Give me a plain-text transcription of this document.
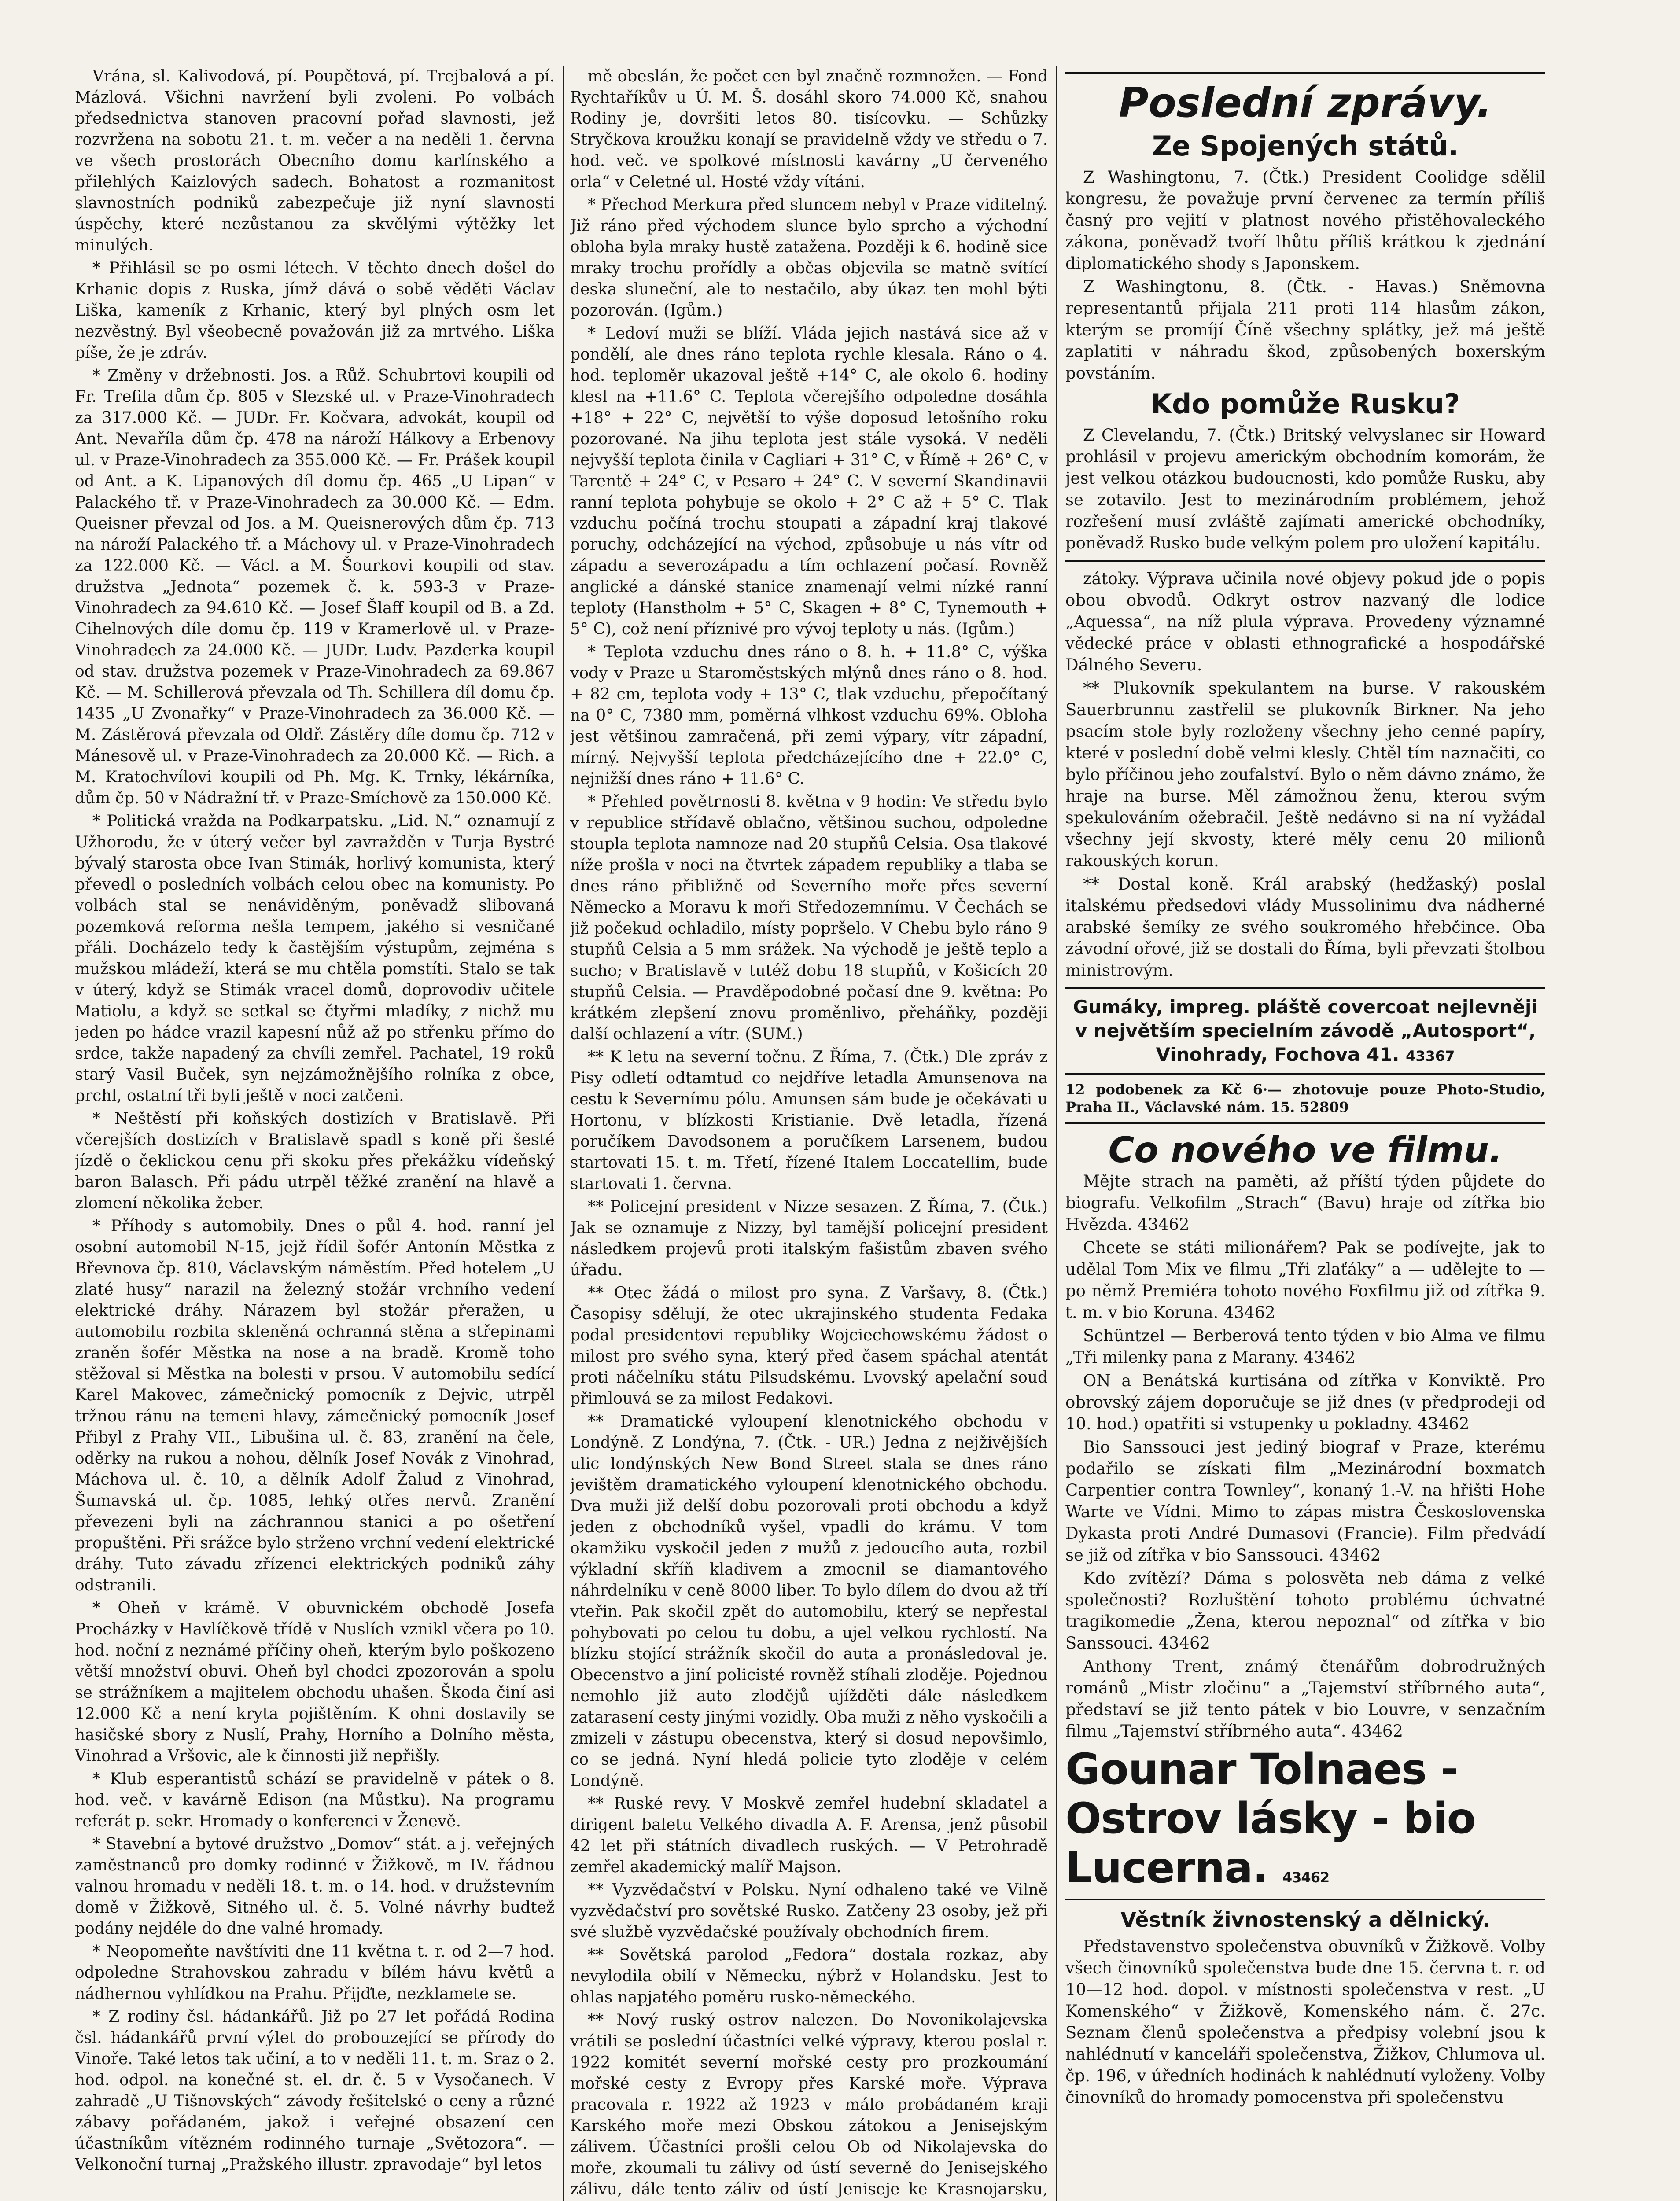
Vrána, sl. Kalivodová, pí. Poupětová, pí. Trejbalová a pí. Mázlová. Všichni navržení byli zvoleni. Po volbách předsednictva stanoven pracovní pořad slavnosti, jež rozvržena na sobotu 21. t. m. večer a na neděli 1. června ve všech prostorách Obecního domu karlínského a přilehlých Kaizlových sadech. Bohatost a rozmanitost slavnostních podniků zabezpečuje již nyní slavnosti úspěchy, které nezůstanou za skvělými výtěžky let minulých.

* Přihlásil se po osmi létech. V těchto dnech došel do Krhanic dopis z Ruska, jímž dává o sobě věděti Václav Liška, kameník z Krhanic, který byl plných osm let nezvěstný. Byl všeobecně považován již za mrtvého. Liška píše, že je zdráv.

* Změny v držebnosti. Jos. a Růž. Schubrtovi koupili od Fr. Trefila dům čp. 805 v Slezské ul. v Praze-Vinohradech za 317.000 Kč. — JUDr. Fr. Kočvara, advokát, koupil od Ant. Nevaříla dům čp. 478 na nároží Hálkovy a Erbenovy ul. v Praze-Vinohradech za 355.000 Kč. — Fr. Prášek koupil od Ant. a K. Lipanových díl domu čp. 465 „U Lipan“ v Palackého tř. v Praze-Vinohradech za 30.000 Kč. — Edm. Queisner převzal od Jos. a M. Queisnerových dům čp. 713 na nároží Palackého tř. a Máchovy ul. v Praze-Vinohradech za 122.000 Kč. — Václ. a M. Šourkovi koupili od stav. družstva „Jednota“ pozemek č. k. 593-3 v Praze-Vinohradech za 94.610 Kč. — Josef Šlaff koupil od B. a Zd. Cihelnových díle domu čp. 119 v Kramerlově ul. v Praze-Vinohradech za 24.000 Kč. — JUDr. Ludv. Pazderka koupil od stav. družstva pozemek v Praze-Vinohradech za 69.867 Kč. — M. Schillerová převzala od Th. Schillera díl domu čp. 1435 „U Zvonařky“ v Praze-Vinohradech za 36.000 Kč. — M. Zástěrová převzala od Oldř. Zástěry díle domu čp. 712 v Mánesově ul. v Praze-Vinohradech za 20.000 Kč. — Rich. a M. Kratochvílovi koupili od Ph. Mg. K. Trnky, lékárníka, dům čp. 50 v Nádražní tř. v Praze-Smíchově za 150.000 Kč.

* Politická vražda na Podkarpatsku. „Lid. N.“ oznamují z Užhorodu, že v úterý večer byl zavražděn v Turja Bystré bývalý starosta obce Ivan Stimák, horlivý komunista, který převedl o posledních volbách celou obec na komunisty. Po volbách stal se nenáviděným, poněvadž slibovaná pozemková reforma nešla tempem, jakého si vesničané přáli. Docházelo tedy k častějším výstupům, zejména s mužskou mládeží, která se mu chtěla pomstíti. Stalo se tak v úterý, když se Stimák vracel domů, doprovodiv učitele Matiolu, a když se setkal se čtyřmi mladíky, z nichž mu jeden po hádce vrazil kapesní nůž až po střenku přímo do srdce, takže napadený za chvíli zemřel. Pachatel, 19 roků starý Vasil Buček, syn nejzámožnějšího rolníka z obce, prchl, ostatní tři byli ještě v noci zatčeni.

* Neštěstí při koňských dostizích v Bratislavě. Při včerejších dostizích v Bratislavě spadl s koně při šesté jízdě o čeklickou cenu při skoku přes překážku vídeňský baron Balasch. Při pádu utrpěl těžké zranění na hlavě a zlomení několika žeber.

* Příhody s automobily. Dnes o půl 4. hod. ranní jel osobní automobil N-15, jejž řídil šofér Antonín Městka z Břevnova čp. 810, Václavským náměstím. Před hotelem „U zlaté husy“ narazil na železný stožár vrchního vedení elektrické dráhy. Nárazem byl stožár přeražen, u automobilu rozbita skleněná ochranná stěna a střepinami zraněn šofér Městka na nose a na bradě. Kromě toho stěžoval si Městka na bolesti v prsou. V automobilu sedící Karel Makovec, zámečnický pomocník z Dejvic, utrpěl tržnou ránu na temeni hlavy, zámečnický pomocník Josef Přibyl z Prahy VII., Libušina ul. č. 83, zranění na čele, oděrky na rukou a nohou, dělník Josef Novák z Vinohrad, Máchova ul. č. 10, a dělník Adolf Žalud z Vinohrad, Šumavská ul. čp. 1085, lehký otřes nervů. Zranění převezeni byli na záchrannou stanici a po ošetření propuštěni. Při srážce bylo strženo vrchní vedení elektrické dráhy. Tuto závadu zřízenci elektrických podniků záhy odstranili.

* Oheň v krámě. V obuvnickém obchodě Josefa Procházky v Havlíčkově třídě v Nuslích vznikl včera po 10. hod. noční z neznámé příčiny oheň, kterým bylo poškozeno větší množství obuvi. Oheň byl chodci zpozorován a spolu se strážníkem a majitelem obchodu uhašen. Škoda činí asi 12.000 Kč a není kryta pojištěním. K ohni dostavily se hasičské sbory z Nuslí, Prahy, Horního a Dolního města, Vinohrad a Vršovic, ale k činnosti již nepřišly.

* Klub esperantistů schází se pravidelně v pátek o 8. hod. več. v kavárně Edison (na Můstku). Na programu referát p. sekr. Hromady o konferenci v Ženevě.

* Stavební a bytové družstvo „Domov“ stát. a j. veřejných zaměstnanců pro domky rodinné v Žižkově, m IV. řádnou valnou hromadu v neděli 18. t. m. o 14. hod. v družstevním domě v Žižkově, Sitného ul. č. 5. Volné návrhy budtež podány nejdéle do dne valné hromady.

* Neopomeňte navštíviti dne 11 května t. r. od 2—7 hod. odpoledne Strahovskou zahradu v bílém hávu květů a nádhernou vyhlídkou na Prahu. Přijďte, nezklamete se.

* Z rodiny čsl. hádankářů. Již po 27 let pořádá Rodina čsl. hádankářů první výlet do probouzející se přírody do Vinoře. Také letos tak učiní, a to v neděli 11. t. m. Sraz o 2. hod. odpol. na konečné st. el. dr. č. 5 v Vysočanech. V zahradě „U Tišnovských“ závody řešitelské o ceny a různé zábavy pořádaném, jakož i veřejné obsazení cen účastníkům vítězném rodinného turnaje „Světozora“. — Velkonoční turnaj „Pražského illustr. zpravodaje“ byl letos

mě obeslán, že počet cen byl značně rozmnožen. — Fond Rychtaříkův u Ú. M. Š. dosáhl skoro 74.000 Kč, snahou Rodiny je, dovršiti letos 80. tisícovku. — Schůzky Stryčkova kroužku konají se pravidelně vždy ve středu o 7. hod. več. ve spolkové místnosti kavárny „U červeného orla“ v Celetné ul. Hosté vždy vítáni.

* Přechod Merkura před sluncem nebyl v Praze viditelný. Již ráno před východem slunce bylo sprcho a východní obloha byla mraky hustě zatažena. Později k 6. hodině sice mraky trochu prořídly a občas objevila se matně svítící deska sluneční, ale to nestačilo, aby úkaz ten mohl býti pozorován. (Igům.)

* Ledoví muži se blíží. Vláda jejich nastává sice až v pondělí, ale dnes ráno teplota rychle klesala. Ráno o 4. hod. teploměr ukazoval ještě +14° C, ale okolo 6. hodiny klesl na +11.6° C. Teplota včerejšího odpoledne dosáhla +18° + 22° C, největší to výše doposud letošního roku pozorované. Na jihu teplota jest stále vysoká. V neděli nejvyšší teplota činila v Cagliari + 31° C, v Římě + 26° C, v Tarentě + 24° C, v Pesaro + 24° C. V severní Skandinavii ranní teplota pohybuje se okolo + 2° C až + 5° C. Tlak vzduchu počíná trochu stoupati a západní kraj tlakové poruchy, odcházející na východ, způsobuje u nás vítr od západu a severozápadu a tím ochlazení počasí. Rovněž anglické a dánské stanice znamenají velmi nízké ranní teploty (Hanstholm + 5° C, Skagen + 8° C, Tynemouth + 5° C), což není příznivé pro vývoj teploty u nás. (Igům.)

* Teplota vzduchu dnes ráno o 8. h. + 11.8° C, výška vody v Praze u Staroměstských mlýnů dnes ráno o 8. hod. + 82 cm, teplota vody + 13° C, tlak vzduchu, přepočítaný na 0° C, 7380 mm, poměrná vlhkost vzduchu 69%. Obloha jest většinou zamračená, při zemi výpary, vítr západní, mírný. Nejvyšší teplota předcházejícího dne + 22.0° C, nejnižší dnes ráno + 11.6° C.

* Přehled povětrnosti 8. května v 9 hodin: Ve středu bylo v republice střídavě oblačno, většinou suchou, odpoledne stoupla teplota namnoze nad 20 stupňů Celsia. Osa tlakové níže prošla v noci na čtvrtek západem republiky a tlaba se dnes ráno přibližně od Severního moře přes severní Německo a Moravu k moři Středozemnímu. V Čechách se již počekud ochladilo, místy popršelo. V Chebu bylo ráno 9 stupňů Celsia a 5 mm srážek. Na východě je ještě teplo a sucho; v Bratislavě v tutéž dobu 18 stupňů, v Košicích 20 stupňů Celsia. — Pravděpodobné počasí dne 9. května: Po krátkém zlepšení znovu proměnlivo, přeháňky, později další ochlazení a vítr. (SUM.)

** K letu na severní točnu. Z Říma, 7. (Čtk.) Dle zpráv z Pisy odletí odtamtud co nejdříve letadla Amunsenova na cestu k Severnímu pólu. Amunsen sám bude je očekávati u Hortonu, v blízkosti Kristianie. Dvě letadla, řízená poručíkem Davodsonem a poručíkem Larsenem, budou startovati 15. t. m. Třetí, řízené Italem Loccatellim, bude startovati 1. června.

** Policejní president v Nizze sesazen. Z Říma, 7. (Čtk.) Jak se oznamuje z Nizzy, byl tamější policejní president následkem projevů proti italským fašistům zbaven svého úřadu.

** Otec žádá o milost pro syna. Z Varšavy, 8. (Čtk.) Časopisy sdělují, že otec ukrajinského studenta Fedaka podal presidentovi republiky Wojciechowskému žádost o milost pro svého syna, který před časem spáchal atentát proti náčelníku státu Pilsudskému. Lvovský apelační soud přimlouvá se za milost Fedakovi.

** Dramatické vyloupení klenotnického obchodu v Londýně. Z Londýna, 7. (Čtk. - UR.) Jedna z nejživějších ulic londýnských New Bond Street stala se dnes ráno jevištěm dramatického vyloupení klenotnického obchodu. Dva muži již delší dobu pozorovali proti obchodu a když jeden z obchodníků vyšel, vpadli do krámu. V tom okamžiku vyskočil jeden z mužů z jedoucího auta, rozbil výkladní skříň kladivem a zmocnil se diamantového náhrdelníku v ceně 8000 liber. To bylo dílem do dvou až tří vteřin. Pak skočil zpět do automobilu, který se nepřestal pohybovati po celou tu dobu, a ujel velkou rychlostí. Na blízku stojící strážník skočil do auta a pronásledoval je. Obecenstvo a jiní policisté rovněž stíhali zloděje. Pojednou nemohlo již auto zlodějů ujížděti dále následkem zatarasení cesty jinými vozidly. Oba muži z něho vyskočili a zmizeli v zástupu obecenstva, který si dosud nepovšimlo, co se jedná. Nyní hledá policie tyto zloděje v celém Londýně.

** Ruské revy. V Moskvě zemřel hudební skladatel a dirigent baletu Velkého divadla A. F. Arensa, jenž působil 42 let při státních divadlech ruských. — V Petrohradě zemřel akademický malíř Majson.

** Vyzvědačství v Polsku. Nyní odhaleno také ve Vilně vyzvědačství pro sovětské Rusko. Zatčeny 23 osoby, jež při své službě vyzvědačské používaly obchodních firem.

** Sovětská parolod „Fedora“ dostala rozkaz, aby nevylodila obilí v Německu, nýbrž v Holandsku. Jest to ohlas napjatého poměru rusko-německého.

** Nový ruský ostrov nalezen. Do Novonikolajevska vrátili se poslední účastníci velké výpravy, kterou poslal r. 1922 komitét severní mořské cesty pro prozkoumání mořské cesty z Evropy přes Karské moře. Výprava pracovala r. 1922 až 1923 v málo probádaném kraji Karského moře mezi Obskou zátokou a Jenisejským zálivem. Účastníci prošli celou Ob od Nikolajevska do moře, zkoumali tu zálivy od ústí severně do Jenisejského zálivu, dále tento záliv od ústí Jeniseje ke Krasnojarsku,

Poslední zprávy.
Ze Spojených států.

Z Washingtonu, 7. (Čtk.) President Coolidge sdělil kongresu, že považuje první červenec za termín příliš časný pro vejití v platnost nového přistěhovaleckého zákona, poněvadž tvoří lhůtu příliš krátkou k zjednání diplomatického shody s Japonskem.

Z Washingtonu, 8. (Čtk. - Havas.) Sněmovna representantů přijala 211 proti 114 hlasům zákon, kterým se promíjí Číně všechny splátky, jež má ještě zaplatiti v náhradu škod, způsobených boxerským povstáním.

Kdo pomůže Rusku?

Z Clevelandu, 7. (Čtk.) Britský velvyslanec sir Howard prohlásil v projevu americkým obchodním komorám, že jest velkou otázkou budoucnosti, kdo pomůže Rusku, aby se zotavilo. Jest to mezinárodním problémem, jehož rozřešení musí zvláště zajímati americké obchodníky, poněvadž Rusko bude velkým polem pro uložení kapitálu.

zátoky. Výprava učinila nové objevy pokud jde o popis obou obvodů. Odkryt ostrov nazvaný dle lodice „Aquessa“, na níž plula výprava. Provedeny významné vědecké práce v oblasti ethnografické a hospodářské Dálného Severu.

** Plukovník spekulantem na burse. V rakouském Sauerbrunnu zastřelil se plukovník Birkner. Na jeho psacím stole byly rozloženy všechny jeho cenné papíry, které v poslední době velmi klesly. Chtěl tím naznačiti, co bylo příčinou jeho zoufalství. Bylo o něm dávno známo, že hraje na burse. Měl zámožnou ženu, kterou svým spekulováním ožebračil. Ještě nedávno si na ní vyžádal všechny její skvosty, které měly cenu 20 milionů rakouských korun.

** Dostal koně. Král arabský (hedžaský) poslal italskému předsedovi vlády Mussolinimu dva nádherné arabské šemíky ze svého soukromého hřebčince. Oba závodní ořové, již se dostali do Říma, byli převzati štolbou ministrovým.

Gumáky, impreg. pláště covercoat nejlevněji v největším specielním závodě „Autosport“, Vinohrady, Fochova 41. 43367
12 podobenek za Kč 6·— zhotovuje pouze Photo-Studio, Praha II., Václavské nám. 15. 52809
Co nového ve filmu.

Mějte strach na paměti, až příští týden půjdete do biografu. Velkofilm „Strach“ (Bavu) hraje od zítřka bio Hvězda. 43462

Chcete se státi milionářem? Pak se podívejte, jak to udělal Tom Mix ve filmu „Tři zlaťáky“ a — udělejte to — po němž Premiéra tohoto nového Foxfilmu již od zítřka 9. t. m. v bio Koruna. 43462

Schüntzel — Berberová tento týden v bio Alma ve filmu „Tři milenky pana z Marany. 43462

ON a Benátská kurtisána od zítřka v Konviktě. Pro obrovský zájem doporučuje se již dnes (v předprodeji od 10. hod.) opatřiti si vstupenky u pokladny. 43462

Bio Sanssouci jest jediný biograf v Praze, kterému podařilo se získati film „Mezinárodní boxmatch Carpentier contra Townley“, konaný 1.-V. na hřišti Hohe Warte ve Vídni. Mimo to zápas mistra Československa Dykasta proti André Dumasovi (Francie). Film předvádí se již od zítřka v bio Sanssouci. 43462

Kdo zvítězí? Dáma s polosvěta neb dáma z velké společnosti? Rozluštění tohoto problému úchvatné tragikomedie „Žena, kterou nepoznal“ od zítřka v bio Sanssouci. 43462

Anthony Trent, známý čtenářům dobrodružných románů „Mistr zločinu“ a „Tajemství stříbrného auta“, představí se již tento pátek v bio Louvre, v senzačním filmu „Tajemství stříbrného auta“. 43462

Gounar Tolnaes - Ostrov lásky - bio Lucerna. 43462
Věstník živnostenský a dělnický.

Představenstvo společenstva obuvníků v Žižkově. Volby všech činovníků společenstva bude dne 15. června t. r. od 10—12 hod. dopol. v místnosti společenstva v rest. „U Komenského“ v Žižkově, Komenského nám. č. 27c. Seznam členů společenstva a předpisy volební jsou k nahlédnutí v kanceláři společenstva, Žižkov, Chlumova ul. čp. 196, v úředních hodinách k nahlédnutí vyloženy. Volby činovníků do hromady pomocenstva při společenstvu
